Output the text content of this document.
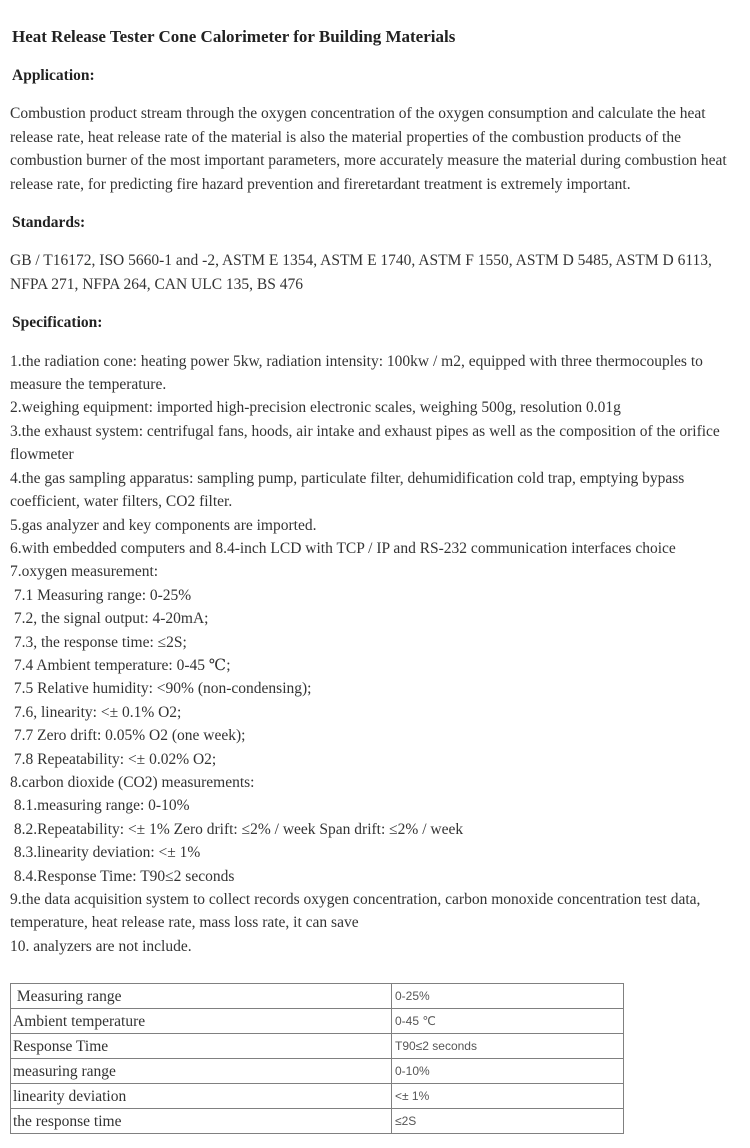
Heat Release Tester Cone Calorimeter for Building Materials
Application:

Combustion product stream through the oxygen concentration of the oxygen consumption and calculate the heat release rate, heat release rate of the material is also the material properties of the combustion products of the combustion burner of the most important parameters, more accurately measure the material during combustion heat release rate, for predicting fire hazard prevention and fireretardant treatment is extremely important.

Standards:

GB / T16172, ISO 5660-1 and -2, ASTM E 1354, ASTM E 1740, ASTM F 1550, ASTM D 5485, ASTM D 6113, NFPA 271, NFPA 264, CAN ULC 135, BS 476

Specification:
1.the radiation cone: heating power 5kw, radiation intensity: 100kw / m2, equipped with three thermocouples to measure the temperature.
2.weighing equipment: imported high-precision electronic scales, weighing 500g, resolution 0.01g
3.the exhaust system: centrifugal fans, hoods, air intake and exhaust pipes as well as the composition of the orifice flowmeter
4.the gas sampling apparatus: sampling pump, particulate filter, dehumidification cold trap, emptying bypass coefficient, water filters, CO2 filter.
5.gas analyzer and key components are imported.
6.with embedded computers and 8.4-inch LCD with TCP / IP and RS-232 communication interfaces choice
7.oxygen measurement:
7.1 Measuring range: 0-25%
7.2, the signal output: 4-20mA;
7.3, the response time: ≤2S;
7.4 Ambient temperature: 0-45 ℃;
7.5 Relative humidity: <90% (non-condensing);
7.6, linearity: <± 0.1% O2;
7.7 Zero drift: 0.05% O2 (one week);
7.8 Repeatability: <± 0.02% O2;
8.carbon dioxide (CO2) measurements:
8.1.measuring range: 0-10%
8.2.Repeatability: <± 1% Zero drift: ≤2% / week Span drift: ≤2% / week
8.3.linearity deviation: <± 1%
8.4.Response Time: T90≤2 seconds
9.the data acquisition system to collect records oxygen concentration, carbon monoxide concentration test data, temperature, heat release rate, mass loss rate, it can save
10. analyzers are not include.
Measuring range	0-25%
Ambient temperature	0-45 ℃
Response Time	T90≤2 seconds
measuring range	0-10%
linearity deviation	<± 1%
the response time	≤2S
